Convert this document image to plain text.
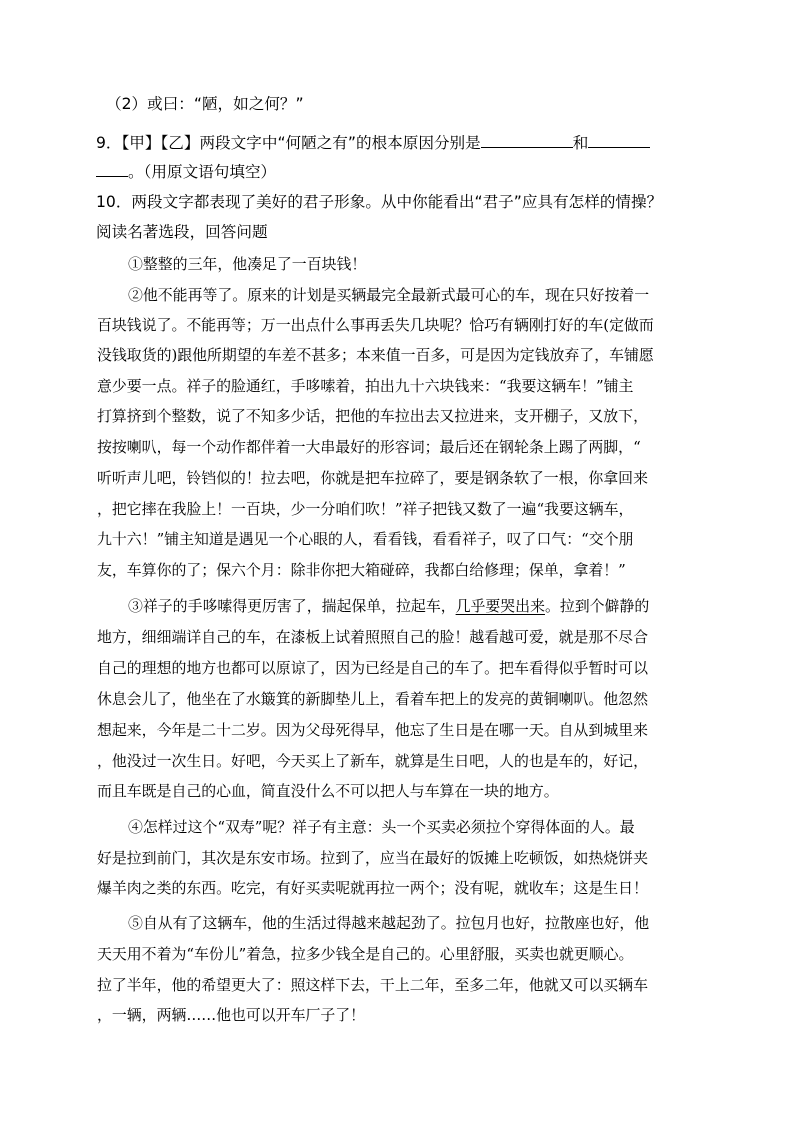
（2）或曰：“陋，如之何？”
9．【甲】【乙】两段文字中“何陋之有”的根本原因分别是	和
。（用原文语句填空）
10．两段文字都表现了美好的君子形象。从中你能看出“君子”应具有怎样的情操？
阅读名著选段，回答问题
①整整的三年，他凑足了一百块钱！
②他不能再等了。原来的计划是买辆最完全最新式最可心的车，现在只好按着一
百块钱说了。不能再等；万一出点什么事再丢失几块呢？恰巧有辆刚打好的车(定做而
没钱取货的)跟他所期望的车差不甚多；本来值一百多，可是因为定钱放弃了，车铺愿
意少要一点。祥子的脸通红，手哆嗦着，拍出九十六块钱来：“我要这辆车！”铺主
打算挤到个整数，说了不知多少话，把他的车拉出去又拉进来，支开棚子，又放下，
按按喇叭，每一个动作都伴着一大串最好的形容词；最后还在钢轮条上踢了两脚，“
听听声儿吧，铃铛似的！拉去吧，你就是把车拉碎了，要是钢条软了一根，你拿回来
，把它摔在我脸上！一百块，少一分咱们吹！”祥子把钱又数了一遍“我要这辆车，
九十六！”铺主知道是遇见一个心眼的人，看看钱，看看祥子，叹了口气：“交个朋
友，车算你的了；保六个月：除非你把大箱碰碎，我都白给修理；保单，拿着！”
③祥子的手哆嗦得更厉害了，揣起保单，拉起车，几乎要哭出来。拉到个僻静的
地方，细细端详自己的车，在漆板上试着照照自己的脸！越看越可爱，就是那不尽合
自己的理想的地方也都可以原谅了，因为已经是自己的车了。把车看得似乎暂时可以
休息会儿了，他坐在了水簸箕的新脚垫儿上，看着车把上的发亮的黄铜喇叭。他忽然
想起来，今年是二十二岁。因为父母死得早，他忘了生日是在哪一天。自从到城里来
，他没过一次生日。好吧，今天买上了新车，就算是生日吧，人的也是车的，好记，
而且车既是自己的心血，简直没什么不可以把人与车算在一块的地方。
④怎样过这个“双寿”呢？祥子有主意：头一个买卖必须拉个穿得体面的人。最
好是拉到前门，其次是东安市场。拉到了，应当在最好的饭摊上吃顿饭，如热烧饼夹
爆羊肉之类的东西。吃完，有好买卖呢就再拉一两个；没有呢，就收车；这是生日！
⑤自从有了这辆车，他的生活过得越来越起劲了。拉包月也好，拉散座也好，他
天天用不着为“车份儿”着急，拉多少钱全是自己的。心里舒服，买卖也就更顺心。
拉了半年，他的希望更大了：照这样下去，干上二年，至多二年，他就又可以买辆车
，一辆，两辆……他也可以开车厂子了！
